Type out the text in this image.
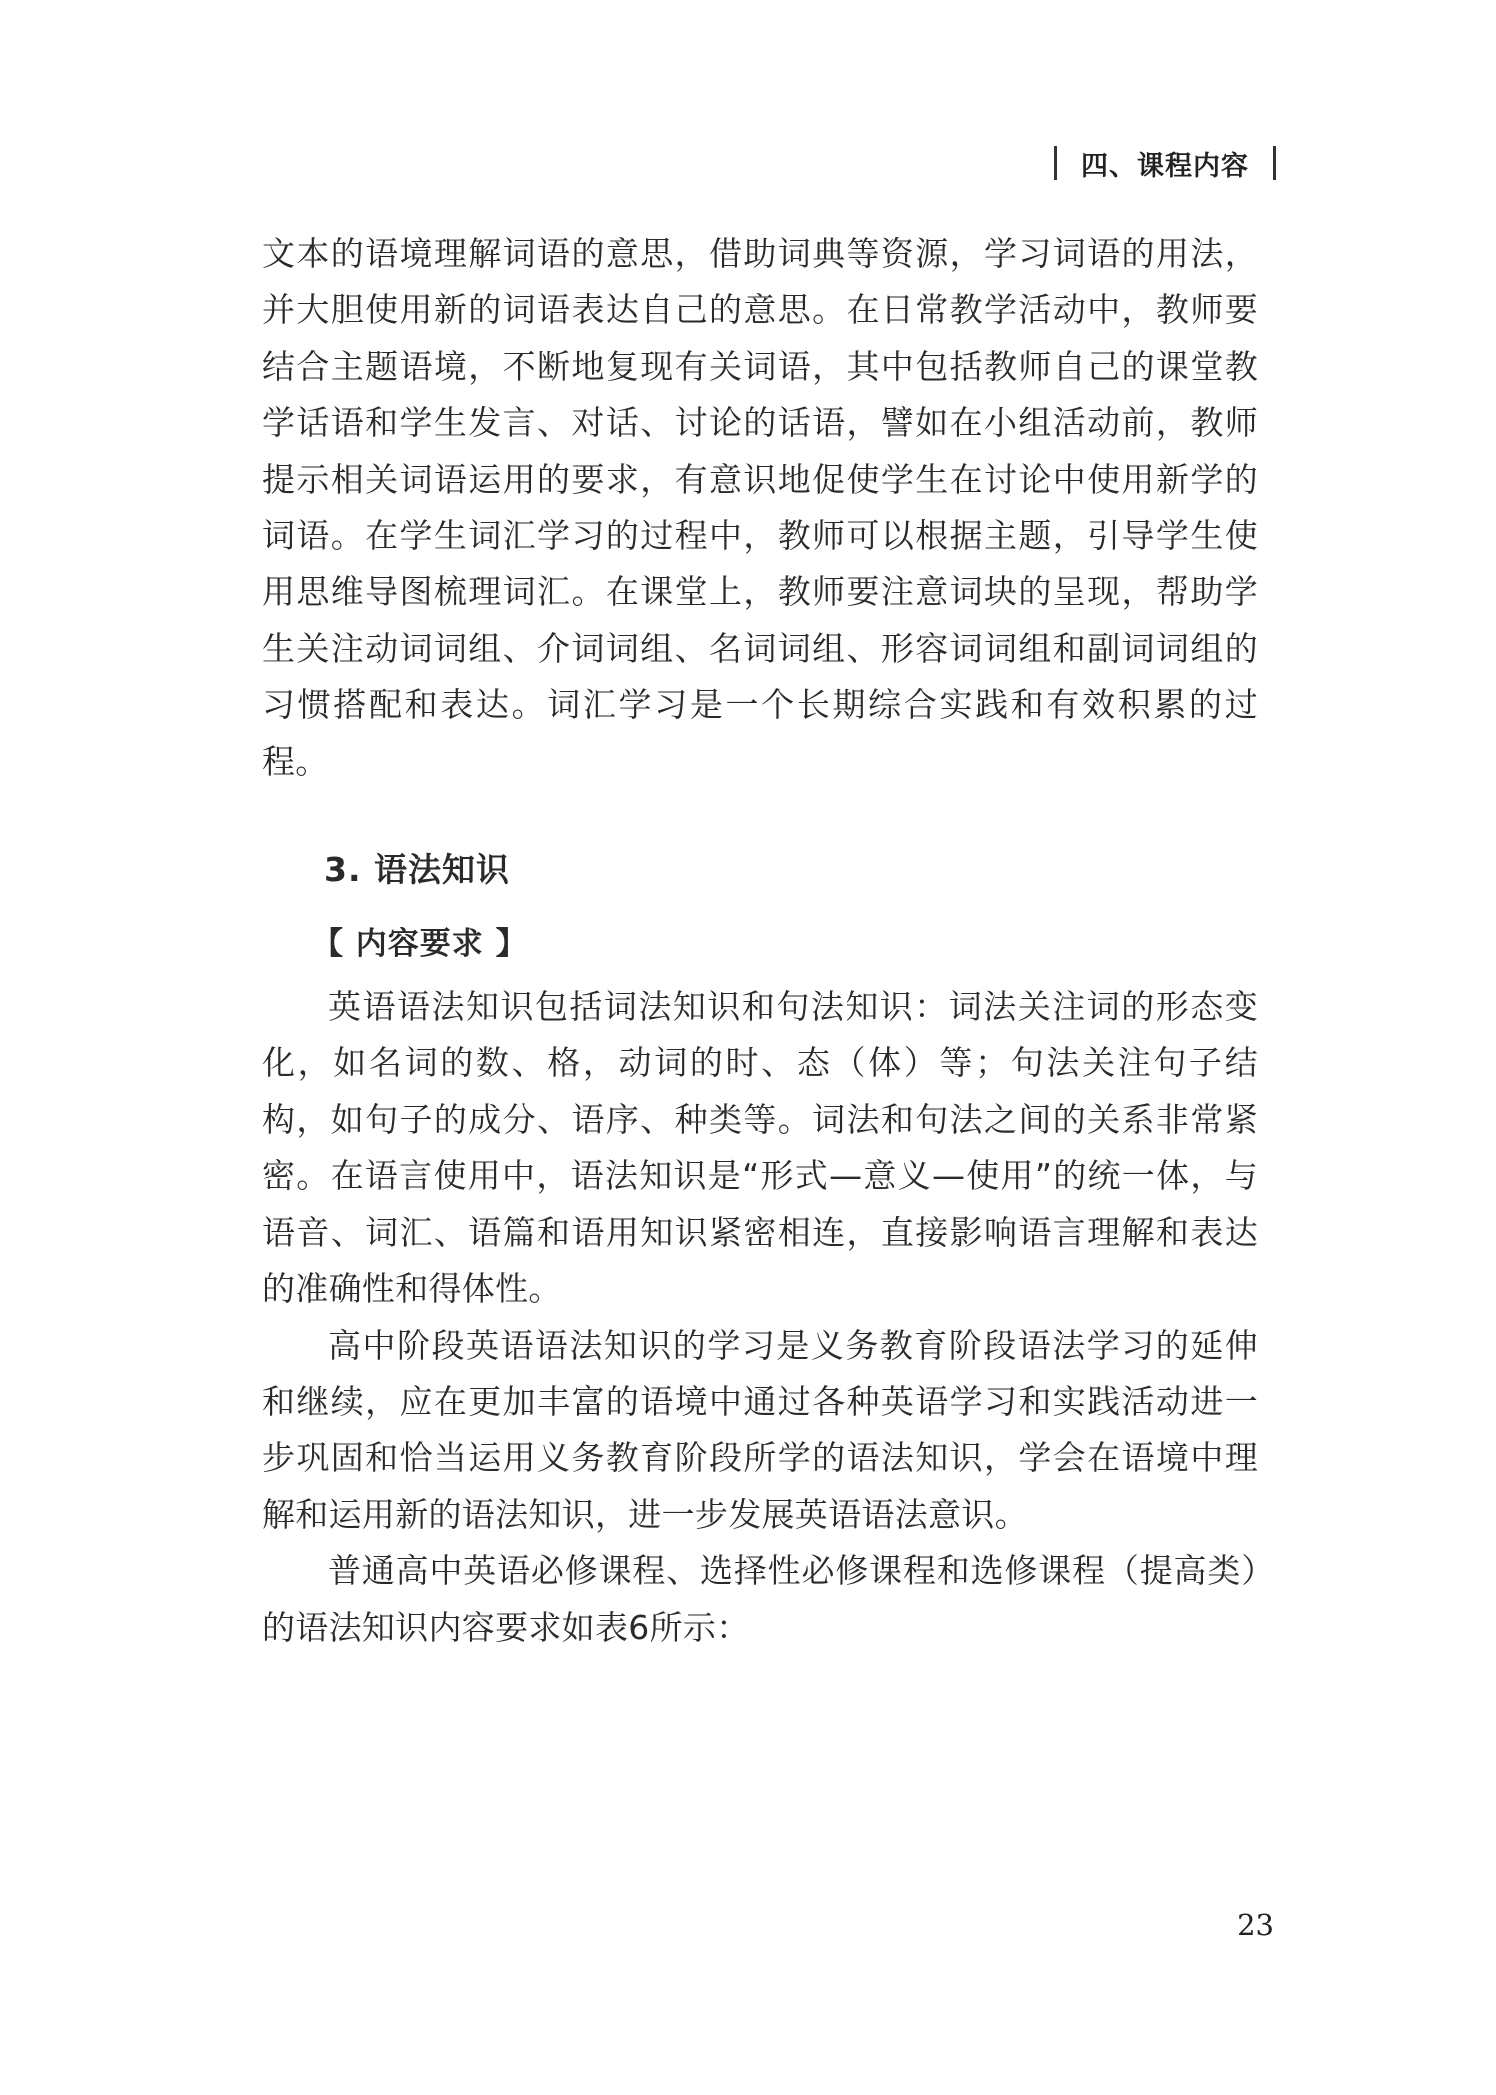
四、课程内容

文本的语境理解词语的意思，借助词典等资源，学习词语的用法，并大胆使用新的词语表达自己的意思。在日常教学活动中，教师要结合主题语境，不断地复现有关词语，其中包括教师自己的课堂教学话语和学生发言、对话、讨论的话语，譬如在小组活动前，教师提示相关词语运用的要求，有意识地促使学生在讨论中使用新学的词语。在学生词汇学习的过程中，教师可以根据主题，引导学生使用思维导图梳理词汇。在课堂上，教师要注意词块的呈现，帮助学生关注动词词组、介词词组、名词词组、形容词词组和副词词组的习惯搭配和表达。词汇学习是一个长期综合实践和有效积累的过程。

3. 语法知识
【 内容要求 】

英语语法知识包括词法知识和句法知识：词法关注词的形态变化，如名词的数、格，动词的时、态（体）等；句法关注句子结构，如句子的成分、语序、种类等。词法和句法之间的关系非常紧密。在语言使用中，语法知识是“形式—意义—使用”的统一体，与语音、词汇、语篇和语用知识紧密相连，直接影响语言理解和表达的准确性和得体性。

高中阶段英语语法知识的学习是义务教育阶段语法学习的延伸和继续，应在更加丰富的语境中通过各种英语学习和实践活动进一步巩固和恰当运用义务教育阶段所学的语法知识，学会在语境中理解和运用新的语法知识，进一步发展英语语法意识。

普通高中英语必修课程、选择性必修课程和选修课程（提高类）的语法知识内容要求如表6所示：

23
